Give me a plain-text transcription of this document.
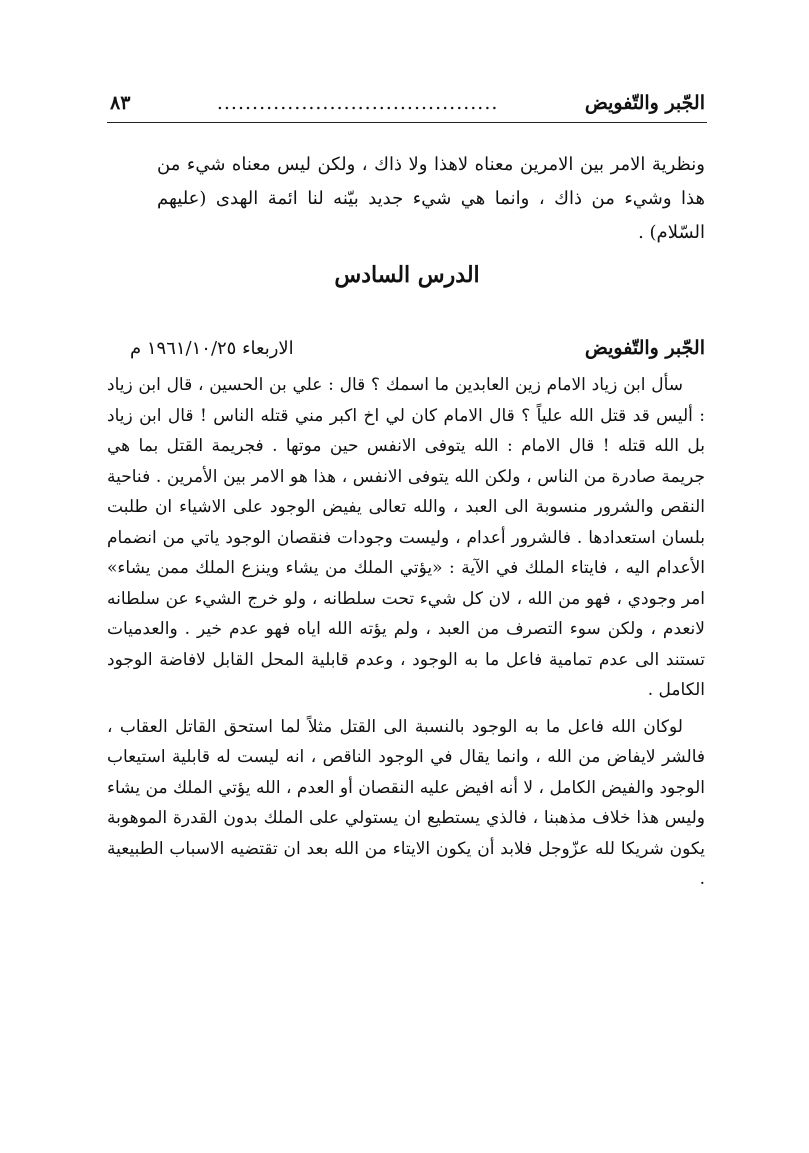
الجّبر والتّفويض
........................................
٨٣

ونظرية الامر بين الامرين معناه لاهذا ولا ذاك ، ولكن ليس معناه شيء من هذا وشيء من ذاك ، وانما هي شيء جديد بيّنه لنا ائمة الهدى (عليهم السّلام) .

الدرس السادس
الجّبر والتّفويض
الاربعاء ١٩٦١/١٠/٢٥ م

سأل ابن زياد الامام زين العابدين ما اسمك ؟ قال : علي بن الحسين ، قال ابن زياد : أليس قد قتل الله علياً ؟ قال الامام كان لي اخ اكبر مني قتله الناس ! قال ابن زياد بل الله قتله ! قال الامام : الله يتوفى الانفس حين موتها . فجريمة القتل بما هي جريمة صادرة من الناس ، ولكن الله يتوفى الانفس ، هذا هو الامر بين الأمرين . فناحية النقص والشرور منسوبة الى العبد ، والله تعالى يفيض الوجود على الاشياء ان طلبت بلسان استعدادها . فالشرور أعدام ، وليست وجودات فنقصان الوجود ياتي من انضمام الأعدام اليه ، فايتاء الملك في الآية : «يؤتي الملك من يشاء وينزع الملك ممن يشاء» امر وجودي ، فهو من الله ، لان كل شيء تحت سلطانه ، ولو خرج الشيء عن سلطانه لانعدم ، ولكن سوء التصرف من العبد ، ولم يؤته الله اياه فهو عدم خير . والعدميات تستند الى عدم تمامية فاعل ما به الوجود ، وعدم قابلية المحل القابل لافاضة الوجود الكامل .

لوكان الله فاعل ما به الوجود بالنسبة الى القتل مثلاً لما استحق القاتل العقاب ، فالشر لايفاض من الله ، وانما يقال في الوجود الناقص ، انه ليست له قابلية استيعاب الوجود والفيض الكامل ، لا أنه افيض عليه النقصان أو العدم ، الله يؤتي الملك من يشاء وليس هذا خلاف مذهبنا ، فالذي يستطيع ان يستولي على الملك بدون القدرة الموهوبة يكون شريكا لله عزّوجل فلابد أن يكون الايتاء من الله بعد ان تقتضيه الاسباب الطبيعية .
